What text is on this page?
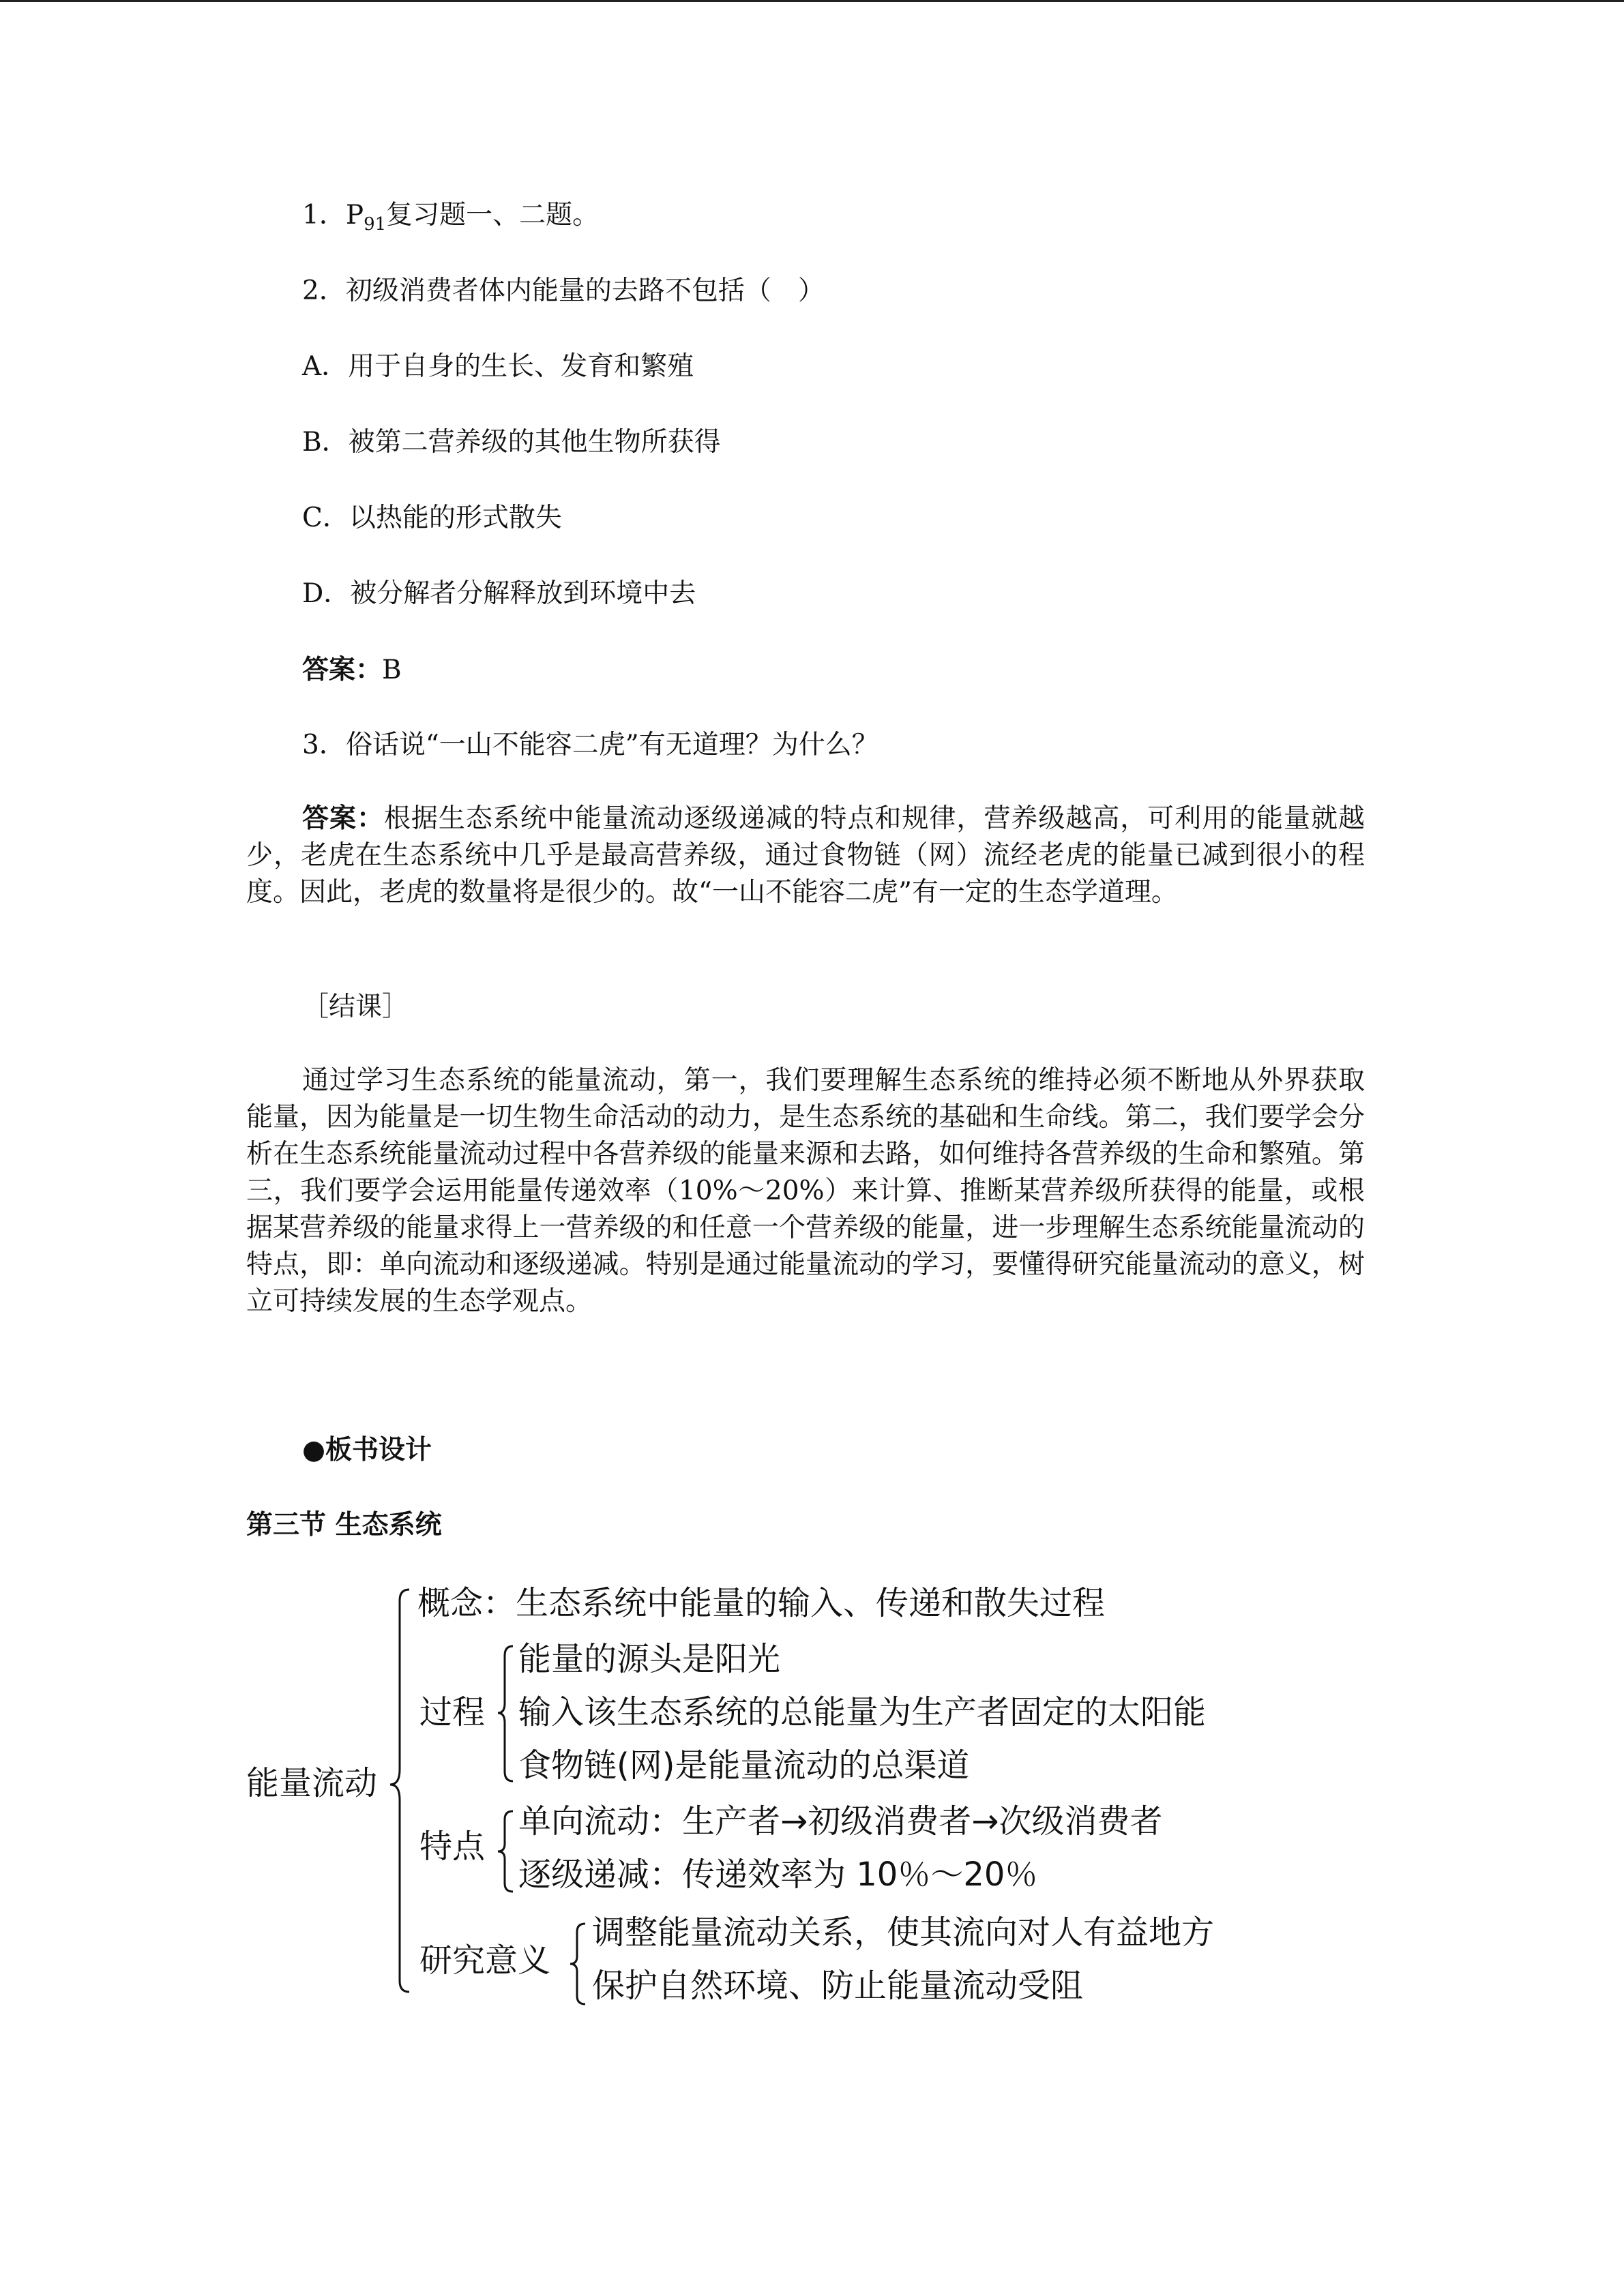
1．$P_{91}$复习题一、二题。
2．初级消费者体内能量的去路不包括（　）
A．用于自身的生长、发育和繁殖
B．被第二营养级的其他生物所获得
C．以热能的形式散失
D．被分解者分解释放到环境中去
答案：B
3．俗话说“一山不能容二虎”有无道理？为什么？
答案：根据生态系统中能量流动逐级递减的特点和规律，营养级越高，可利用的能量就越少，老虎在生态系统中几乎是最高营养级，通过食物链（网）流经老虎的能量已减到很小的程度。因此，老虎的数量将是很少的。故“一山不能容二虎”有一定的生态学道理。
［结课］
通过学习生态系统的能量流动，第一，我们要理解生态系统的维持必须不断地从外界获取能量，因为能量是一切生物生命活动的动力，是生态系统的基础和生命线。第二，我们要学会分析在生态系统能量流动过程中各营养级的能量来源和去路，如何维持各营养级的生命和繁殖。第三，我们要学会运用能量传递效率（10%～20%）来计算、推断某营养级所获得的能量，或根据某营养级的能量求得上一营养级的和任意一个营养级的能量，进一步理解生态系统能量流动的特点，即：单向流动和逐级递减。特别是通过能量流动的学习，要懂得研究能量流动的意义，树立可持续发展的生态学观点。
●板书设计
第三节 生态系统
能量流动
概念：生态系统中能量的输入、传递和散失过程
过程
能量的源头是阳光
输入该生态系统的总能量为生产者固定的太阳能
食物链(网)是能量流动的总渠道
特点
单向流动：生产者→初级消费者→次级消费者
逐级递减：传递效率为 10％～20％
研究意义
调整能量流动关系，使其流向对人有益地方
保护自然环境、防止能量流动受阻
